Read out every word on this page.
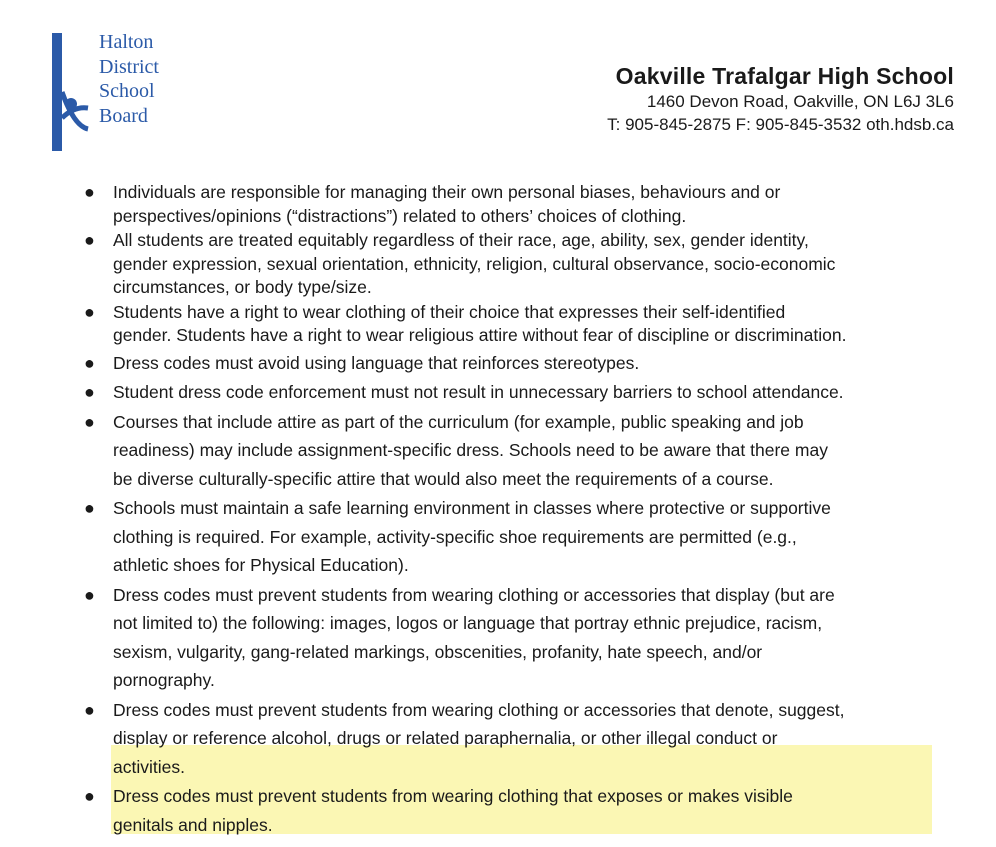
Halton
District
School
Board
Oakville Trafalgar High School
1460 Devon Road, Oakville, ON L6J 3L6
T: 905-845-2875 F: 905-845-3532 oth.hdsb.ca
● Individuals are responsible for managing their own personal biases, behaviours and or
perspectives/opinions (“distractions”) related to others’ choices of clothing.
● All students are treated equitably regardless of their race, age, ability, sex, gender identity,
gender expression, sexual orientation, ethnicity, religion, cultural observance, socio-economic
circumstances, or body type/size.
● Students have a right to wear clothing of their choice that expresses their self-identified
gender. Students have a right to wear religious attire without fear of discipline or discrimination.
● Dress codes must avoid using language that reinforces stereotypes.
● Student dress code enforcement must not result in unnecessary barriers to school attendance.
● Courses that include attire as part of the curriculum (for example, public speaking and job
readiness) may include assignment-specific dress. Schools need to be aware that there may
be diverse culturally-specific attire that would also meet the requirements of a course.
● Schools must maintain a safe learning environment in classes where protective or supportive
clothing is required. For example, activity-specific shoe requirements are permitted (e.g.,
athletic shoes for Physical Education).
● Dress codes must prevent students from wearing clothing or accessories that display (but are
not limited to) the following: images, logos or language that portray ethnic prejudice, racism,
sexism, vulgarity, gang-related markings, obscenities, profanity, hate speech, and/or
pornography.
● Dress codes must prevent students from wearing clothing or accessories that denote, suggest,
display or reference alcohol, drugs or related paraphernalia, or other illegal conduct or
activities.
● Dress codes must prevent students from wearing clothing that exposes or makes visible
genitals and nipples.
